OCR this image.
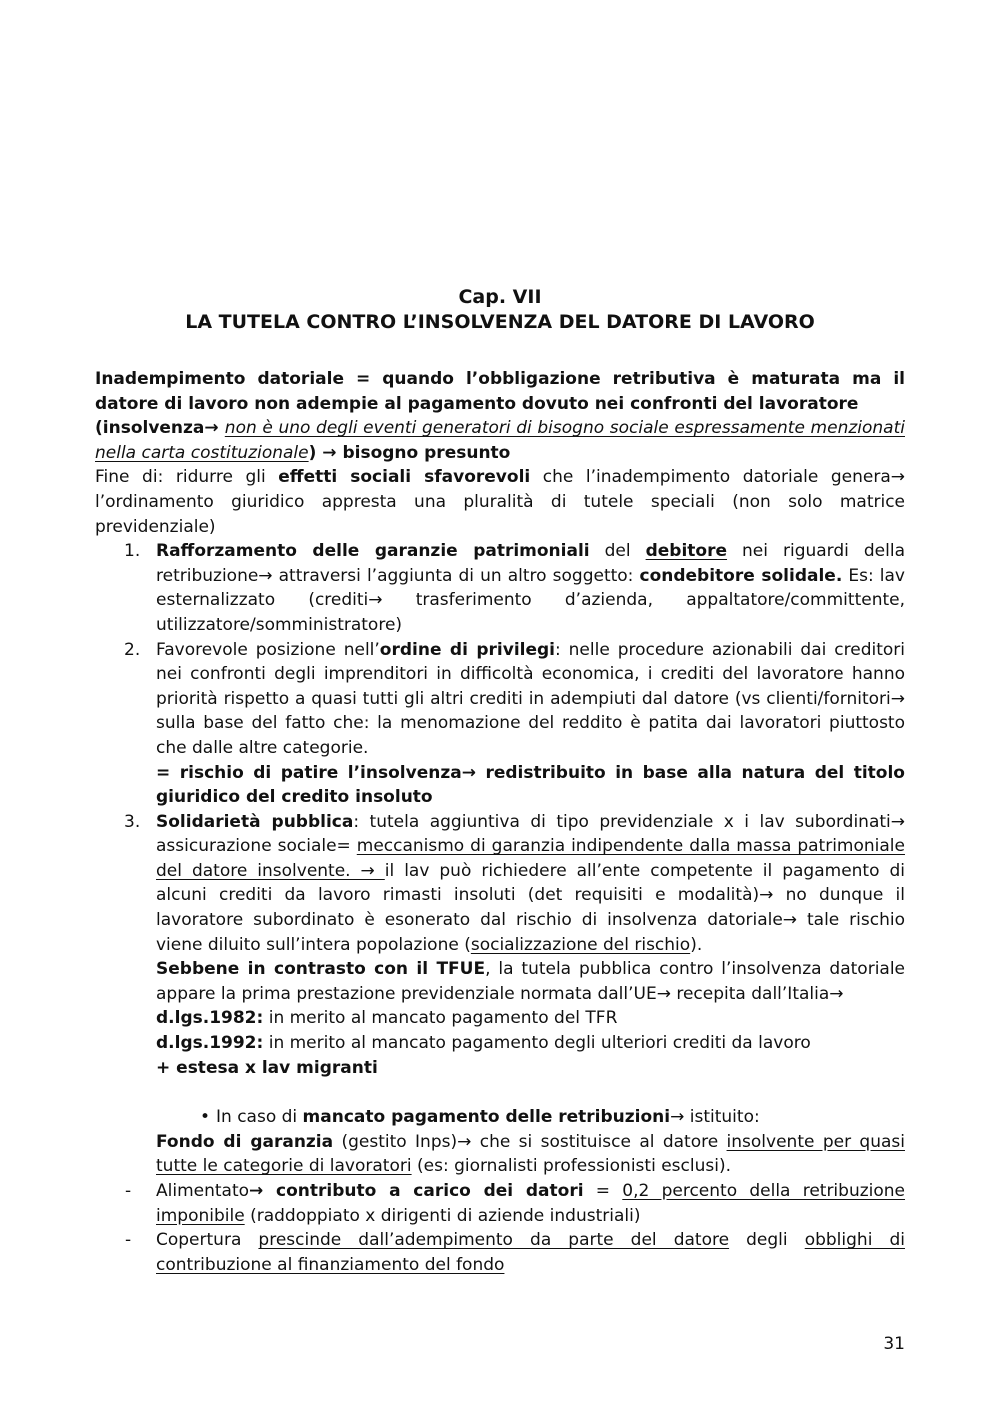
Cap. VII
LA TUTELA CONTRO L’INSOLVENZA DEL DATORE DI LAVORO

Inadempimento datoriale = quando l’obbligazione retributiva è maturata ma il datore di lavoro non adempie al pagamento dovuto nei confronti del lavoratore

(insolvenza→ non è uno degli eventi generatori di bisogno sociale espressamente menzionati nella carta costituzionale) → bisogno presunto

Fine di: ridurre gli effetti sociali sfavorevoli che l’inadempimento datoriale genera→ l’ordinamento giuridico appresta una pluralità di tutele speciali (non solo matrice previdenziale)

1. Rafforzamento delle garanzie patrimoniali del debitore nei riguardi della retribuzione→ attraversi l’aggiunta di un altro soggetto: condebitore solidale. Es: lav esternalizzato (crediti→ trasferimento d’azienda, appaltatore/committente, utilizzatore/somministratore)

2. Favorevole posizione nell’ordine di privilegi: nelle procedure azionabili dai creditori nei confronti degli imprenditori in difficoltà economica, i crediti del lavoratore hanno priorità rispetto a quasi tutti gli altri crediti in adempiuti dal datore (vs clienti/fornitori→ sulla base del fatto che: la menomazione del reddito è patita dai lavoratori piuttosto che dalle altre categorie.

= rischio di patire l’insolvenza→ redistribuito in base alla natura del titolo giuridico del credito insoluto

3. Solidarietà pubblica: tutela aggiuntiva di tipo previdenziale x i lav subordinati→ assicurazione sociale= meccanismo di garanzia indipendente dalla massa patrimoniale del datore insolvente. → il lav può richiedere all’ente competente il pagamento di alcuni crediti da lavoro rimasti insoluti (det requisiti e modalità)→ no dunque il lavoratore subordinato è esonerato dal rischio di insolvenza datoriale→ tale rischio viene diluito sull’intera popolazione (socializzazione del rischio).

Sebbene in contrasto con il TFUE, la tutela pubblica contro l’insolvenza datoriale appare la prima prestazione previdenziale normata dall’UE→ recepita dall’Italia→

d.lgs.1982: in merito al mancato pagamento del TFR

d.lgs.1992: in merito al mancato pagamento degli ulteriori crediti da lavoro

+ estesa x lav migranti

• In caso di mancato pagamento delle retribuzioni→ istituito:

Fondo di garanzia (gestito Inps)→ che si sostituisce al datore insolvente per quasi tutte le categorie di lavoratori (es: giornalisti professionisti esclusi).

- Alimentato→ contributo a carico dei datori = 0,2 percento della retribuzione imponibile (raddoppiato x dirigenti di aziende industriali)

- Copertura prescinde dall’adempimento da parte del datore degli obblighi di contribuzione al finanziamento del fondo

31
